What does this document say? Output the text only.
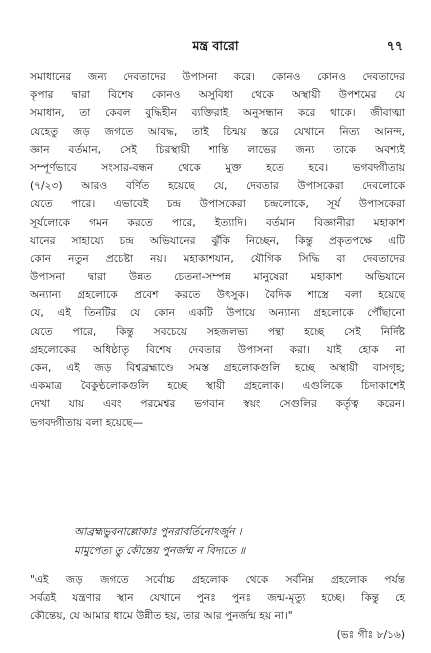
মন্ত্র বারো	৭৭
সমাধানের জন্য দেবতাদের উপাসনা করে। কোনও কোনও দেবতাদের
কৃপার দ্বারা বিশেষ কোনও অসুবিধা থেকে অস্থায়ী উপশমের যে
সমাধান, তা কেবল বুদ্ধিহীন ব্যক্তিরাই অনুসন্ধান করে থাকে। জীবাত্মা
যেহেতু জড় জগতে আবদ্ধ, তাই চিন্ময় স্তরে যেখানে নিত্য আনন্দ,
জ্ঞান বর্তমান, সেই চিরস্থায়ী শান্তি লাভের জন্য তাকে অবশ্যই
সম্পূর্ণভাবে সংসার-বন্ধন থেকে মুক্ত হতে হবে। ভগবদ্গীতায়
(৭/২৩) আরও বর্ণিত হয়েছে যে, দেবতার উপাসকেরা দেবলোকে
যেতে পারে। এভাবেই চন্দ্র উপাসকেরা চন্দ্রলোকে, সূর্য উপাসকেরা
সূর্যলোকে গমন করতে পারে, ইত্যাদি। বর্তমান বিজ্ঞানীরা মহাকাশ
যানের সাহায্যে চন্দ্র অভিযানের ঝুঁকি নিচ্ছেন, কিন্তু প্রকৃতপক্ষে এটি
কোন নতুন প্রচেষ্টা নয়। মহাকাশযান, যৌগিক সিদ্ধি বা দেবতাদের
উপাসনা দ্বারা উন্নত চেতনা-সম্পন্ন মানুষেরা মহাকাশ অভিযানে
অন্যান্য গ্রহলোকে প্রবেশ করতে উৎসুক। বৈদিক শাস্ত্রে বলা হয়েছে
যে, এই তিনটির যে কোন একটি উপায়ে অন্যান্য গ্রহলোকে পৌঁছানো
যেতে পারে, কিন্তু সবচেয়ে সহজলভ্য পন্থা হচ্ছে সেই নির্দিষ্ট
গ্রহলোকের অধিষ্ঠাতৃ বিশেষ দেবতার উপাসনা করা। যাই হোক না
কেন, এই জড় বিশ্বব্রহ্মাণ্ডে সমস্ত গ্রহলোকগুলি হচ্ছে অস্থায়ী বাসগৃহ;
একমাত্র বৈকুণ্ঠলোকগুলি হচ্ছে স্থায়ী গ্রহলোক। এগুলিকে চিদাকাশেই
দেখা যায় এবং পরমেশ্বর ভগবান স্বয়ং সেগুলির কর্তৃত্ব করেন।
ভগবদ্গীতায় বলা হয়েছে—
আব্রহ্মভুবনাল্লোকাঃ পুনরাবর্তিনোঽর্জুন ।
মামুপেত্য তু কৌন্তেয় পুনর্জন্ম ন বিদ্যতে ॥
"এই জড় জগতে সর্বোচ্চ গ্রহলোক থেকে সর্বনিম্ন গ্রহলোক পর্যন্ত
সর্বত্রই যন্ত্রণার স্থান যেখানে পুনঃ পুনঃ জন্ম-মৃত্যু হচ্ছে। কিন্তু হে
কৌন্তেয়, যে আমার ধামে উন্নীত হয়, তার আর পুনর্জন্ম হয় না।"
(ভঃ গীঃ ৮/১৬)
